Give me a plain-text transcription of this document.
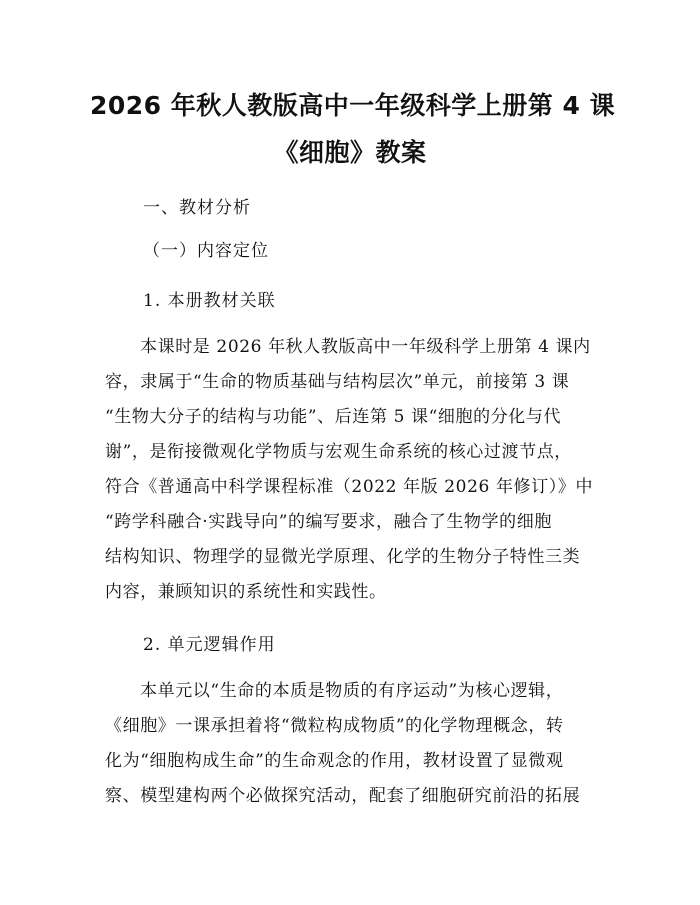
2026 年秋人教版高中一年级科学上册第 4 课
《细胞》教案
一、教材分析
（一）内容定位
1. 本册教材关联
本课时是 2026 年秋人教版高中一年级科学上册第 4 课内
容，隶属于“生命的物质基础与结构层次”单元，前接第 3 课
“生物大分子的结构与功能”、后连第 5 课“细胞的分化与代
谢”，是衔接微观化学物质与宏观生命系统的核心过渡节点，
符合《普通高中科学课程标准（2022 年版 2026 年修订）》中
“跨学科融合·实践导向”的编写要求，融合了生物学的细胞
结构知识、物理学的显微光学原理、化学的生物分子特性三类
内容，兼顾知识的系统性和实践性。
2. 单元逻辑作用
本单元以“生命的本质是物质的有序运动”为核心逻辑，
《细胞》一课承担着将“微粒构成物质”的化学物理概念，转
化为“细胞构成生命”的生命观念的作用，教材设置了显微观
察、模型建构两个必做探究活动，配套了细胞研究前沿的拓展
